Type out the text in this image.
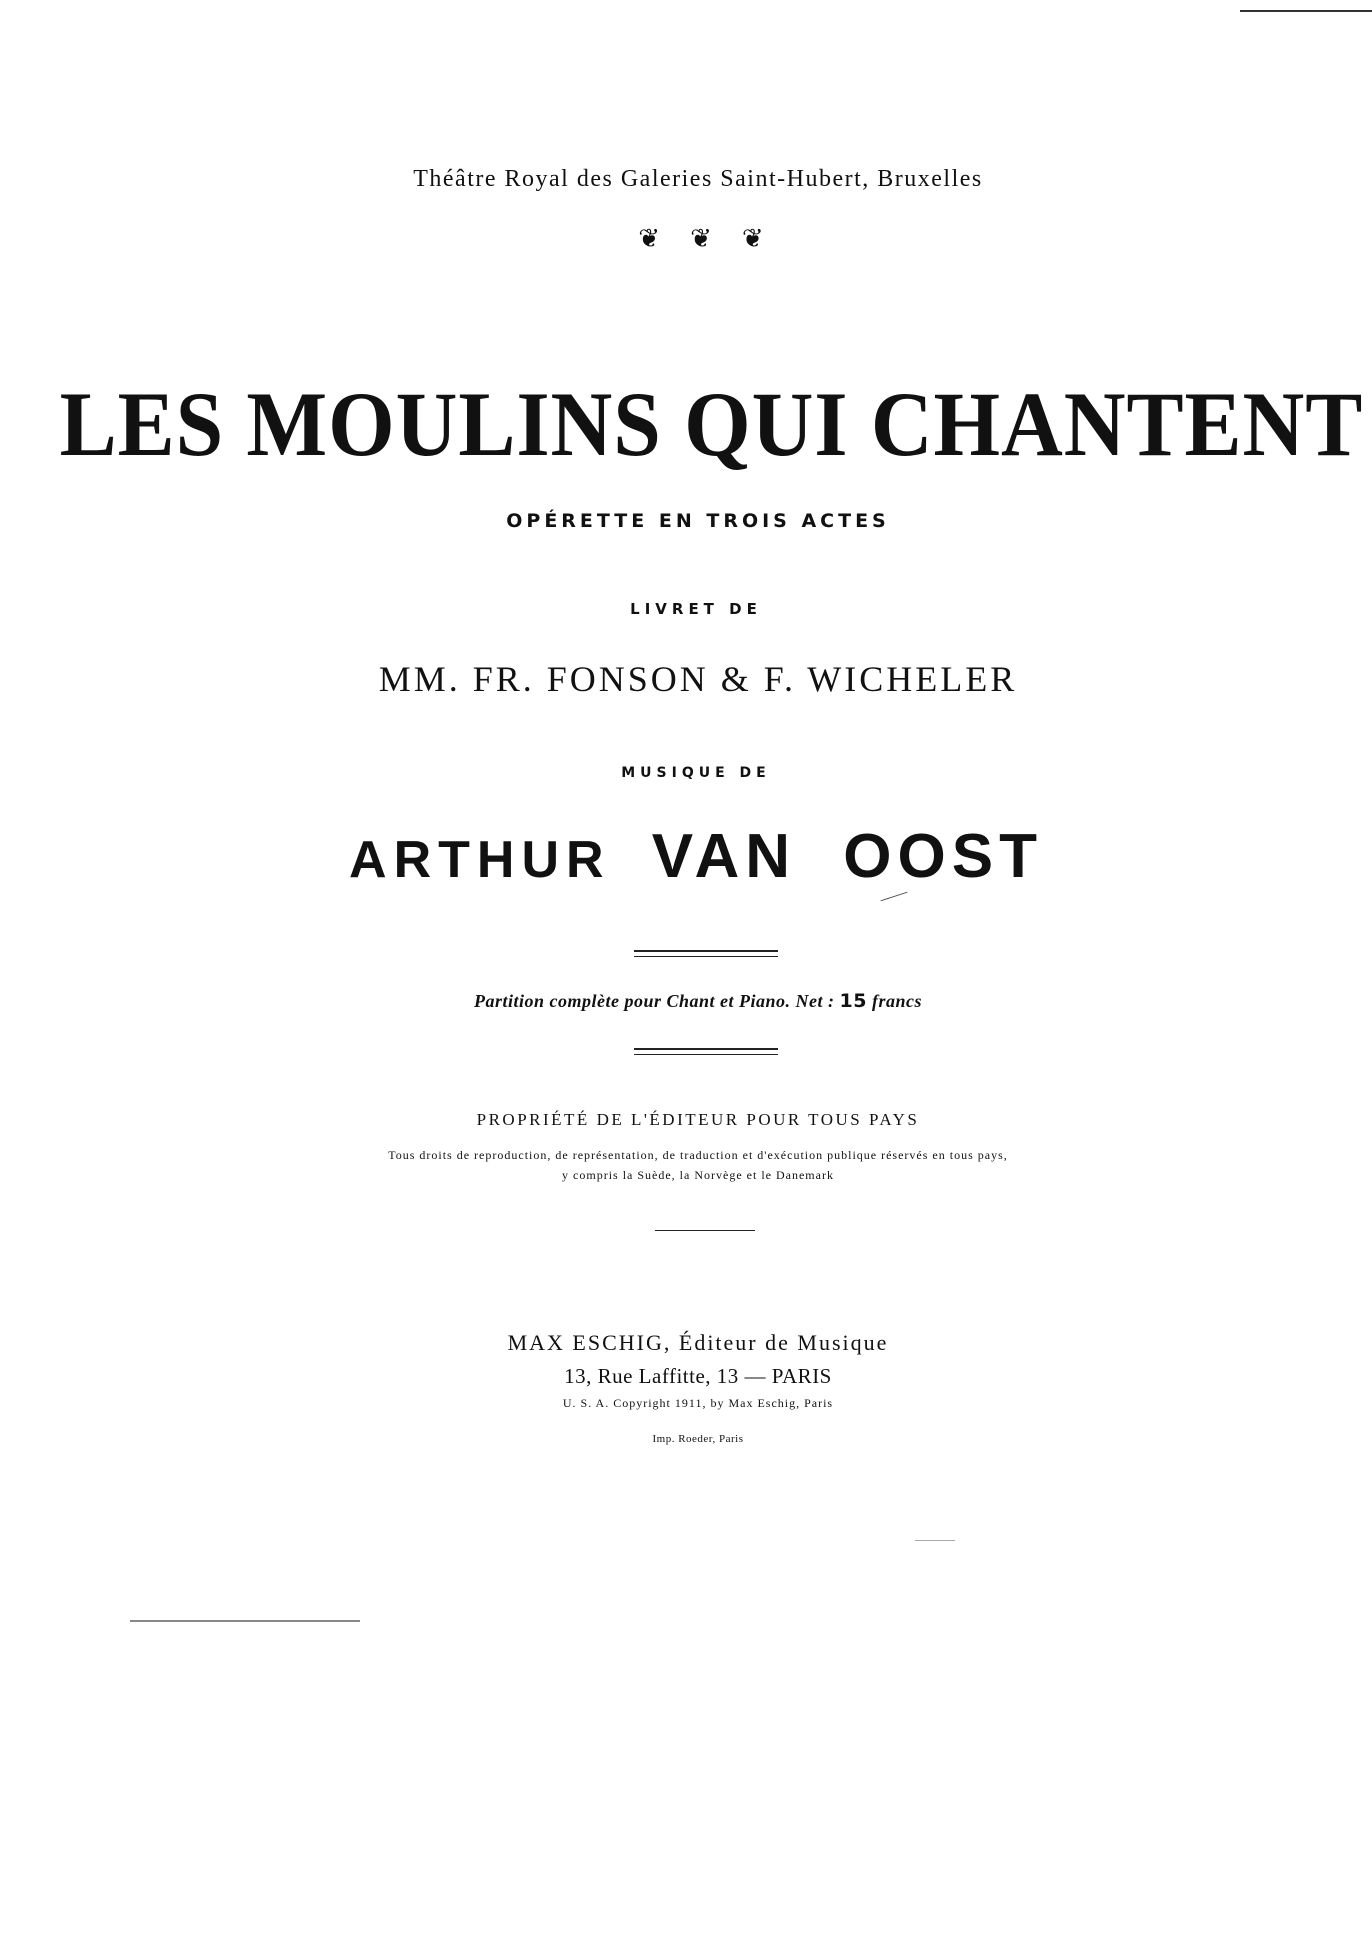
Théâtre Royal des Galeries Saint-Hubert, Bruxelles
❦❦❦
LES MOULINS QUI CHANTENT
OPÉRETTE EN TROIS ACTES
LIVRET DE
MM. FR. FONSON & F. WICHELER
MUSIQUE DE
ARTHUR VAN OOST
Partition complète pour Chant et Piano. Net : 15 francs
PROPRIÉTÉ DE L'ÉDITEUR POUR TOUS PAYS
Tous droits de reproduction, de représentation, de traduction et d'exécution publique réservés en tous pays,
y compris la Suède, la Norvège et le Danemark
MAX ESCHIG, Éditeur de Musique
13, Rue Laffitte, 13 — PARIS
U. S. A. Copyright 1911, by Max Eschig, Paris
Imp. Roeder, Paris
